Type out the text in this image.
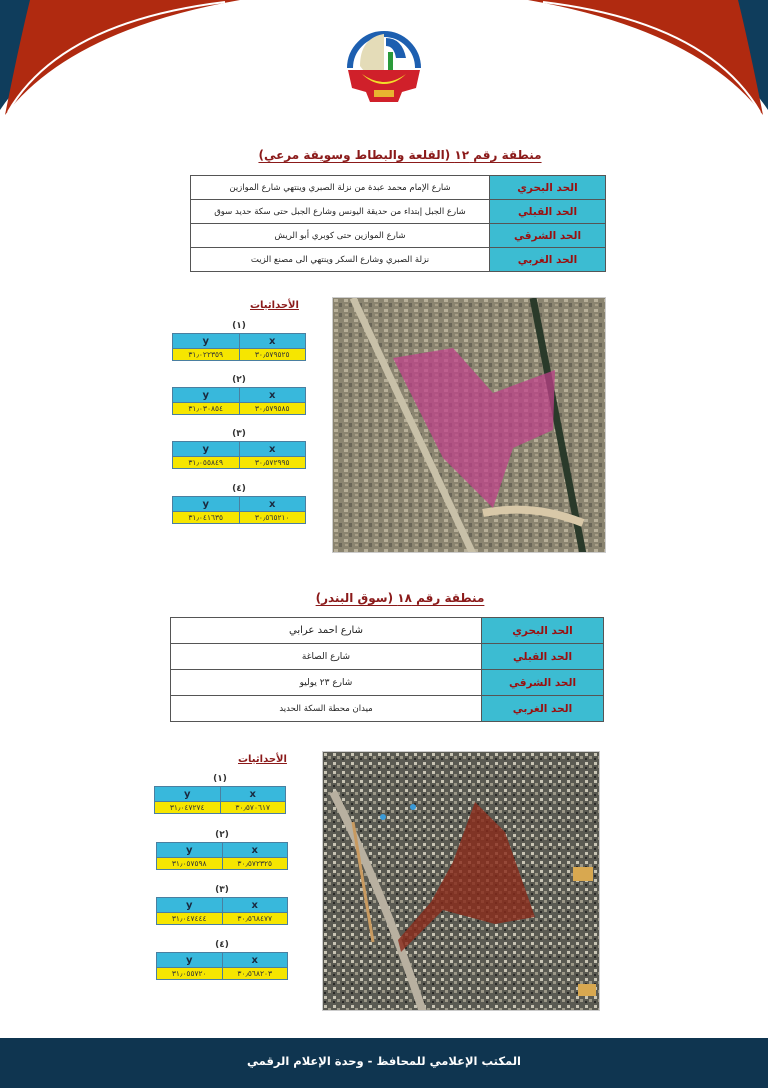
منطقة رقم ١٢ (القلعة والبطاط وسويقة مرعي)
الحد البحري	شارع الإمام محمد عبدة من نزلة الصبري وينتهي شارع الموازين
الحد القبلي	شارع الجبل إبتداء من حديقة اليونس وشارع الجبل حتى سكة حديد سوق
الحد الشرقي	شارع الموازين حتى كوبري أبو الريش
الحد الغربي	نزلة الصبري وشارع السكر وينتهي الى مصنع الزيت
الأحداثيات
(١)
y	x
٣١٫٠٢٢٣٥٩	٣٠٫٥٧٩٥٢٥
(٢)
y	x
٣١٫٠٣٠٨٥٤	٣٠٫٥٧٩٥٨٥
(٣)
y	x
٣١٫٠٥٥٨٤٩	٣٠٫٥٧٢٩٩٥
(٤)
y	x
٣١٫٠٤١٦٣٥	٣٠٫٥٦٥٢١٠
منطقة رقم ١٨ (سوق البندر)
الحد البحري	شارع احمد عرابي
الحد القبلي	شارع الصاغة
الحد الشرقي	شارع ٢٣ يوليو
الحد الغربي	ميدان محطة السكة الحديد
الأحداثيات
(١)
y	x
٣١٫٠٤٧٢٧٤	٣٠٫٥٧٠٦١٧
(٢)
y	x
٣١٫٠٥٧٥٩٨	٣٠٫٥٧٢٣٢٥
(٣)
y	x
٣١٫٠٤٧٤٤٤	٣٠٫٥٦٨٤٧٧
(٤)
y	x
٣١٫٠٥٥٧٢٠	٣٠٫٥٦٨٢٠٣
المكتب الإعلامي للمحافظ - وحدة الإعلام الرقمي
